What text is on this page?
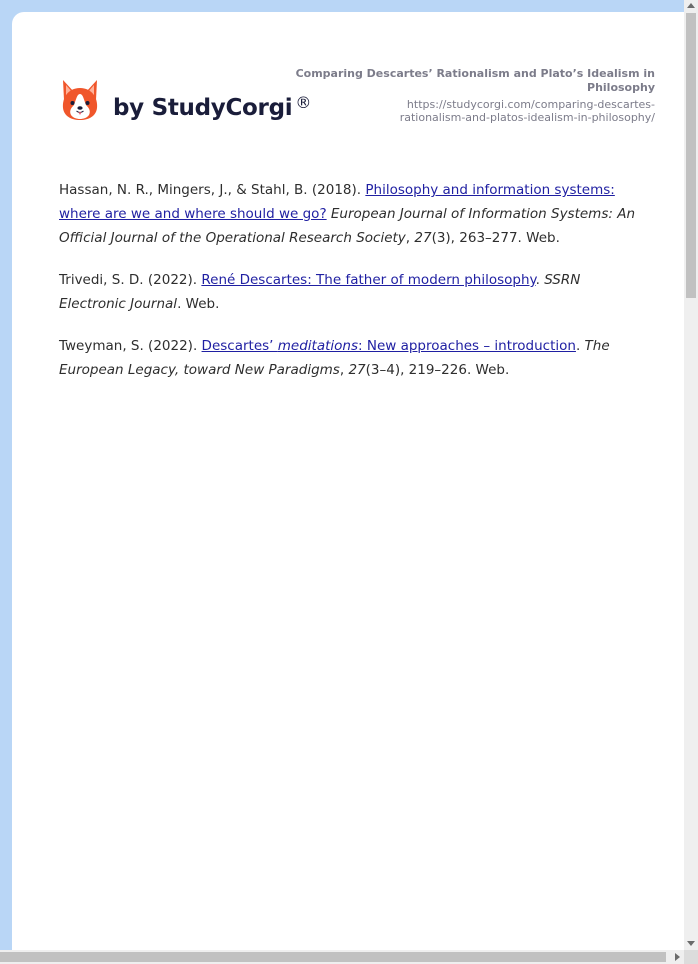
by StudyCorgi ®

Comparing Descartes’ Rationalism and Plato’s Idealism in Philosophy

https://studycorgi.com/comparing-descartes-rationalism-and-platos-idealism-in-philosophy/

Hassan, N. R., Mingers, J., & Stahl, B. (2018). Philosophy and information systems: where are we and where should we go? European Journal of Information Systems: An Official Journal of the Operational Research Society, 27(3), 263–277. Web.

Trivedi, S. D. (2022). René Descartes: The father of modern philosophy. SSRN Electronic Journal. Web.

Tweyman, S. (2022). Descartes’ meditations: New approaches – introduction. The European Legacy, toward New Paradigms, 27(3–4), 219–226. Web.
